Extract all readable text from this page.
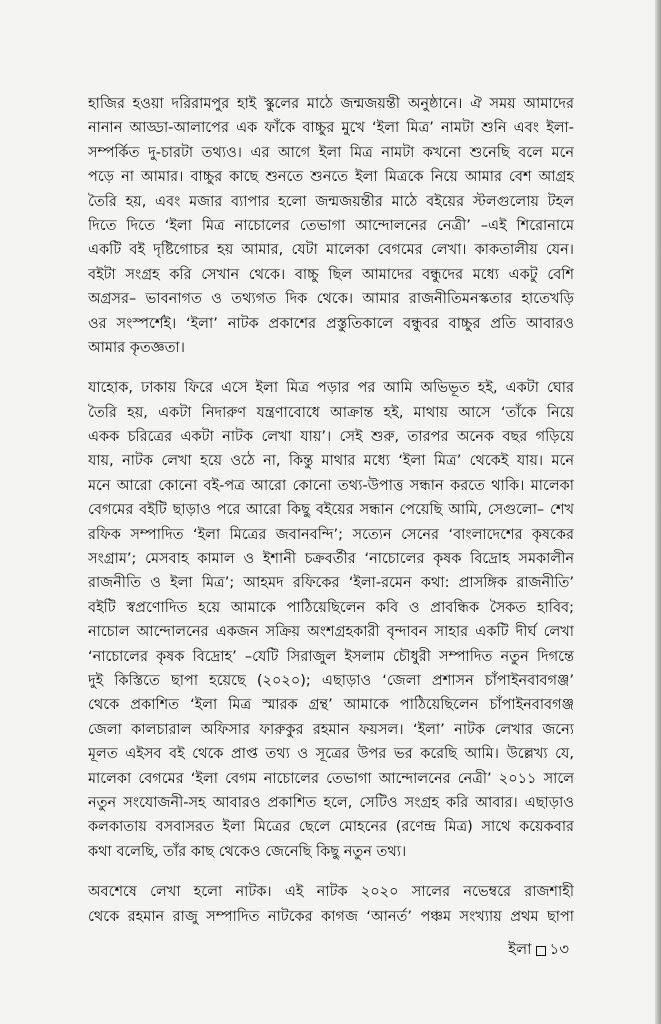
হাজির হওয়া দরিরামপুর হাই স্কুলের মাঠে জন্মজয়ন্তী অনুষ্ঠানে। ঐ সময় আমাদের
নানান আড্ডা-আলাপের এক ফাঁকে বাচ্চুর মুখে ‘ইলা মিত্র’ নামটা শুনি এবং ইলা-
সম্পর্কিত দু-চারটা তথ্যও। এর আগে ইলা মিত্র নামটা কখনো শুনেছি বলে মনে
পড়ে না আমার। বাচ্চুর কাছে শুনতে শুনতে ইলা মিত্রকে নিয়ে আমার বেশ আগ্রহ
তৈরি হয়, এবং মজার ব্যাপার হলো জন্মজয়ন্তীর মাঠে বইয়ের স্টলগুলোয় টহল
দিতে দিতে ‘ইলা মিত্র নাচোলের তেভাগা আন্দোলনের নেত্রী’ –এই শিরোনামে
একটি বই দৃষ্টিগোচর হয় আমার, যেটা মালেকা বেগমের লেখা। কাকতালীয় যেন।
বইটা সংগ্রহ করি সেখান থেকে। বাচ্চু ছিল আমাদের বন্ধুদের মধ্যে একটু বেশি
অগ্রসর– ভাবনাগত ও তথ্যগত দিক থেকে। আমার রাজনীতিমনস্কতার হাতেখড়ি
ওর সংস্পর্শেই। ‘ইলা’ নাটক প্রকাশের প্রস্তুতিকালে বন্ধুবর বাচ্চুর প্রতি আবারও
আমার কৃতজ্ঞতা।
যাহোক, ঢাকায় ফিরে এসে ইলা মিত্র পড়ার পর আমি অভিভূত হই, একটা ঘোর
তৈরি হয়, একটা নিদারুণ যন্ত্রণাবোধে আক্রান্ত হই, মাথায় আসে ‘তাঁকে নিয়ে
একক চরিত্রের একটা নাটক লেখা যায়’। সেই শুরু, তারপর অনেক বছর গড়িয়ে
যায়, নাটক লেখা হয়ে ওঠে না, কিন্তু মাথার মধ্যে ‘ইলা মিত্র’ থেকেই যায়। মনে
মনে আরো কোনো বই-পত্র আরো কোনো তথ্য-উপাত্ত সন্ধান করতে থাকি। মালেকা
বেগমের বইটি ছাড়াও পরে আরো কিছু বইয়ের সন্ধান পেয়েছি আমি, সেগুলো– শেখ
রফিক সম্পাদিত ‘ইলা মিত্রের জবানবন্দি’; সত্যেন সেনের ‘বাংলাদেশের কৃষকের
সংগ্রাম’; মেসবাহ কামাল ও ইশানী চক্রবর্তীর ‘নাচোলের কৃষক বিদ্রোহ সমকালীন
রাজনীতি ও ইলা মিত্র’; আহমদ রফিকের ‘ইলা-রমেন কথা: প্রাসঙ্গিক রাজনীতি’
বইটি স্বপ্রণোদিত হয়ে আমাকে পাঠিয়েছিলেন কবি ও প্রাবন্ধিক সৈকত হাবিব;
নাচোল আন্দোলনের একজন সক্রিয় অংশগ্রহকারী বৃন্দাবন সাহার একটি দীর্ঘ লেখা
‘নাচোলের কৃষক বিদ্রোহ’ –যেটি সিরাজুল ইসলাম চৌধুরী সম্পাদিত নতুন দিগন্তে
দুই কিস্তিতে ছাপা হয়েছে (২০২০); এছাড়াও ‘জেলা প্রশাসন চাঁপাইনবাবগঞ্জ’
থেকে প্রকাশিত ‘ইলা মিত্র স্মারক গ্রন্থ’ আমাকে পাঠিয়েছিলেন চাঁপাইনবাবগঞ্জ
জেলা কালচারাল অফিসার ফারুকুর রহমান ফয়সল। ‘ইলা’ নাটক লেখার জন্যে
মূলত এইসব বই থেকে প্রাপ্ত তথ্য ও সূত্রের উপর ভর করেছি আমি। উল্লেখ্য যে,
মালেকা বেগমের ‘ইলা বেগম নাচোলের তেভাগা আন্দোলনের নেত্রী’ ২০১১ সালে
নতুন সংযোজনী-সহ আবারও প্রকাশিত হলে, সেটিও সংগ্রহ করি আবার। এছাড়াও
কলকাতায় বসবাসরত ইলা মিত্রের ছেলে মোহনের (রণেন্দ্র মিত্র) সাথে কয়েকবার
কথা বলেছি, তাঁর কাছ থেকেও জেনেছি কিছু নতুন তথ্য।
অবশেষে লেখা হলো নাটক। এই নাটক ২০২০ সালের নভেম্বরে রাজশাহী
থেকে রহমান রাজু সম্পাদিত নাটকের কাগজ ‘আনর্ত’ পঞ্চম সংখ্যায় প্রথম ছাপা
ইলা ১৩
